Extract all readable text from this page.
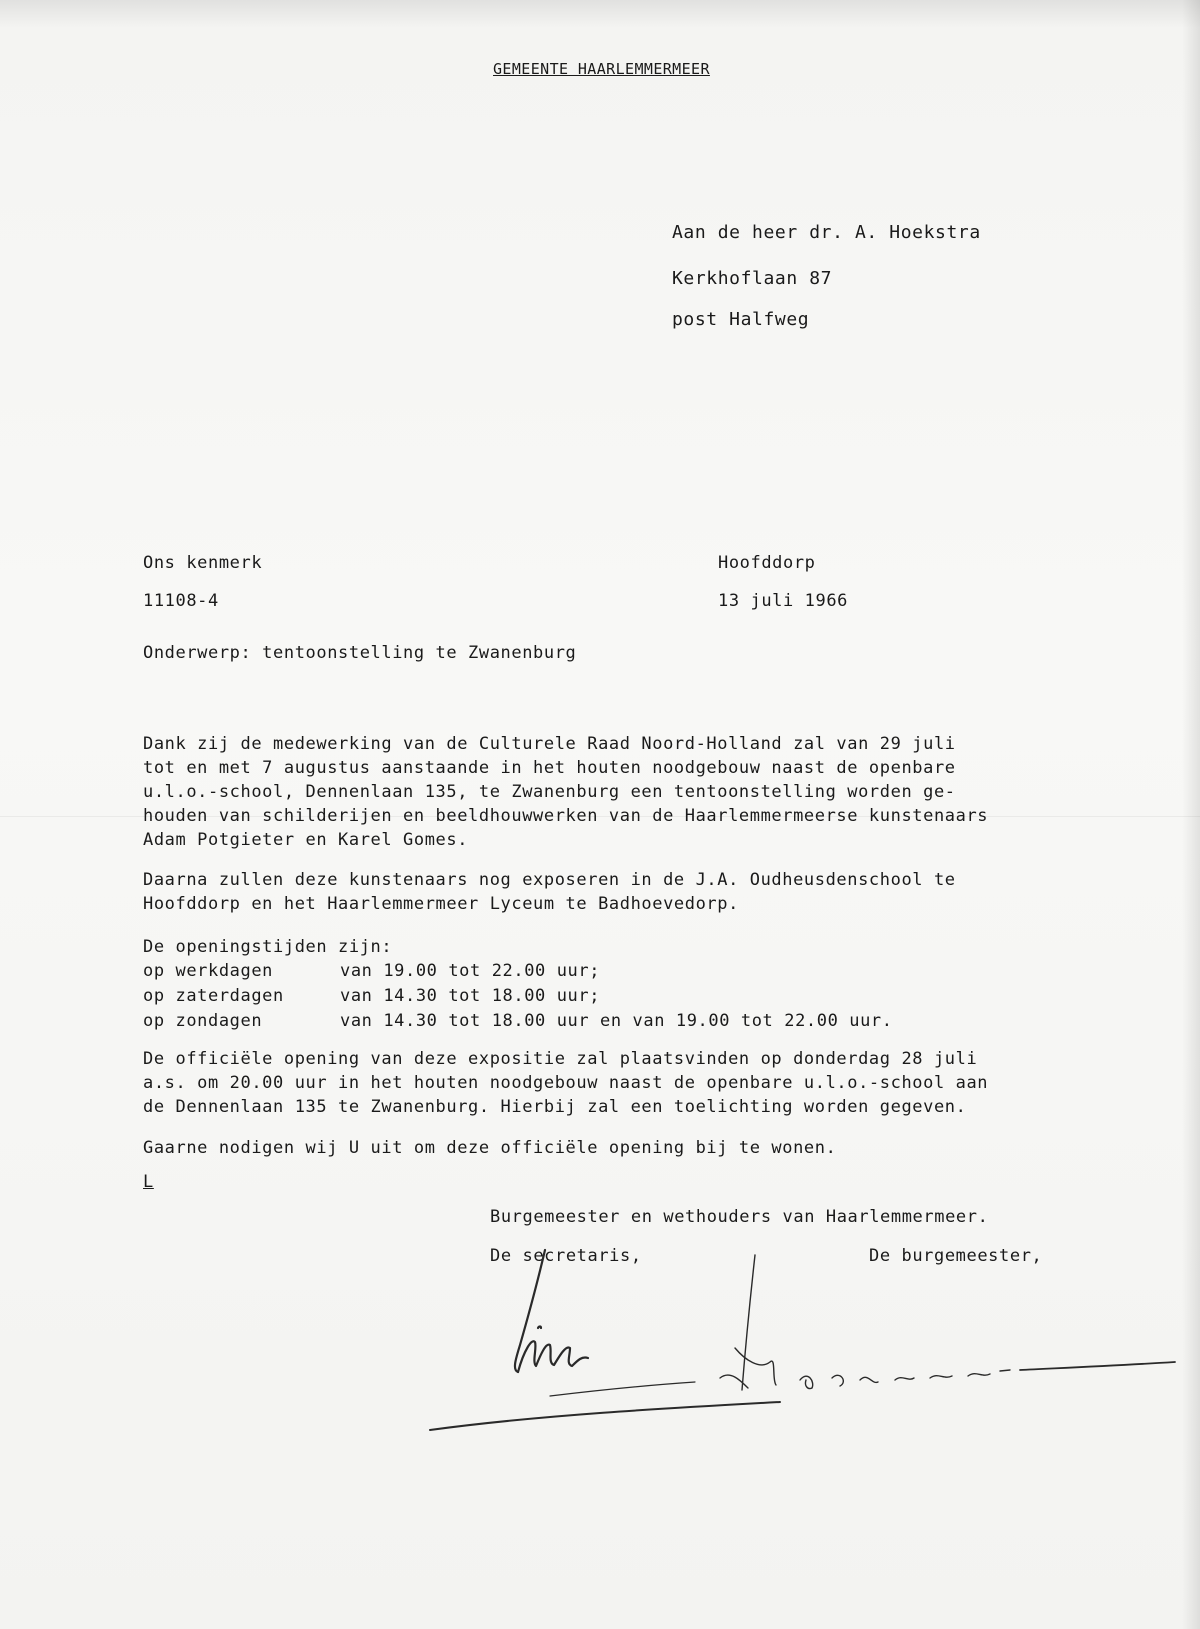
GEMEENTE HAARLEMMERMEER
Aan de heer dr. A. Hoekstra
Kerkhoflaan 87
post Halfweg
Ons kenmerk
11108-4
Hoofddorp
13 juli 1966
Onderwerp: tentoonstelling te Zwanenburg
Dank zij de medewerking van de Culturele Raad Noord-Holland zal van 29 juli
tot en met 7 augustus aanstaande in het houten noodgebouw naast de openbare
u.l.o.-school, Dennenlaan 135, te Zwanenburg een tentoonstelling worden ge-
houden van schilderijen en beeldhouwwerken van de Haarlemmermeerse kunstenaars
Adam Potgieter en Karel Gomes.
Daarna zullen deze kunstenaars nog exposeren in de J.A. Oudheusdenschool te
Hoofddorp en het Haarlemmermeer Lyceum te Badhoevedorp.
De openingstijden zijn:
op werkdagen	van 19.00 tot 22.00 uur;
op zaterdagen	van 14.30 tot 18.00 uur;
op zondagen	van 14.30 tot 18.00 uur en van 19.00 tot 22.00 uur.
De officiële opening van deze expositie zal plaatsvinden op donderdag 28 juli
a.s. om 20.00 uur in het houten noodgebouw naast de openbare u.l.o.-school aan
de Dennenlaan 135 te Zwanenburg. Hierbij zal een toelichting worden gegeven.
Gaarne nodigen wij U uit om deze officiële opening bij te wonen.
L
Burgemeester en wethouders van Haarlemmermeer.
De secretaris,	De burgemeester,
